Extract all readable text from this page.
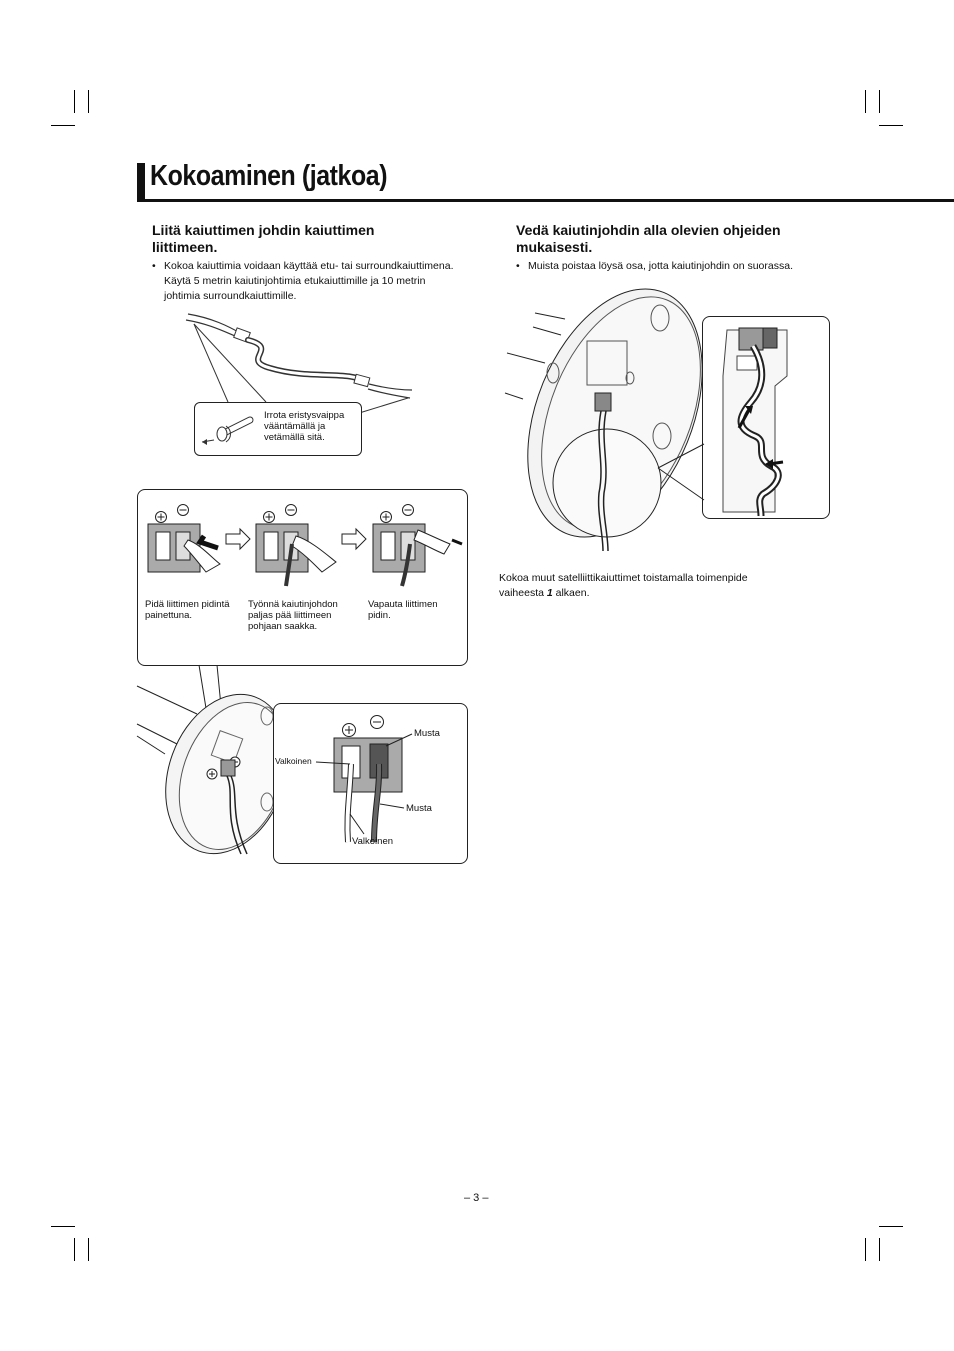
Kokoaminen (jatkoa)
Liitä kaiuttimen johdin kaiuttimen liittimeen.
• Kokoa kaiuttimia voidaan käyttää etu- tai surroundkaiuttimena. Käytä 5 metrin kaiutinjohtimia etukaiuttimille ja 10 metrin johtimia surroundkaiuttimille.
Irrota eristysvaippa vääntämällä ja vetämällä sitä.
Pidä liittimen pidintä painettuna.
Työnnä kaiutinjohdon paljas pää liittimeen pohjaan saakka.
Vapauta liittimen pidin.
Musta
Valkoinen
Musta
Valkoinen
Vedä kaiutinjohdin alla olevien ohjeiden mukaisesti.
• Muista poistaa löysä osa, jotta kaiutinjohdin on suorassa.
Kokoa muut satelliittikaiuttimet toistamalla toimenpide
vaiheesta 1 alkaen.
– 3 –
